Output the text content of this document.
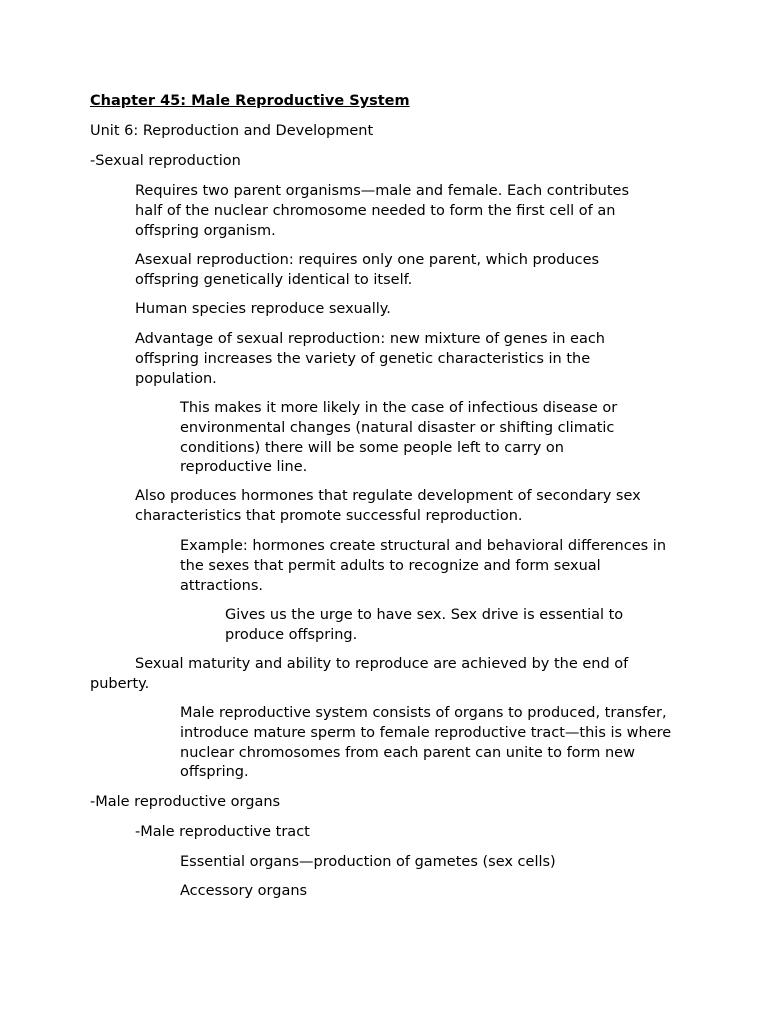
Chapter 45: Male Reproductive System

Unit 6: Reproduction and Development

-Sexual reproduction

Requires two parent organisms—male and female. Each contributes half of the nuclear chromosome needed to form the first cell of an offspring organism.

Asexual reproduction: requires only one parent, which produces offspring genetically identical to itself.

Human species reproduce sexually.

Advantage of sexual reproduction: new mixture of genes in each offspring increases the variety of genetic characteristics in the population.

This makes it more likely in the case of infectious disease or environmental changes (natural disaster or shifting climatic conditions) there will be some people left to carry on reproductive line.

Also produces hormones that regulate development of secondary sex characteristics that promote successful reproduction.

Example: hormones create structural and behavioral differences in the sexes that permit adults to recognize and form sexual attractions.

Gives us the urge to have sex. Sex drive is essential to produce offspring.

Sexual maturity and ability to reproduce are achieved by the end of puberty.

Male reproductive system consists of organs to produced, transfer, introduce mature sperm to female reproductive tract—this is where nuclear chromosomes from each parent can unite to form new offspring.

-Male reproductive organs

-Male reproductive tract

Essential organs—production of gametes (sex cells)

Accessory organs
